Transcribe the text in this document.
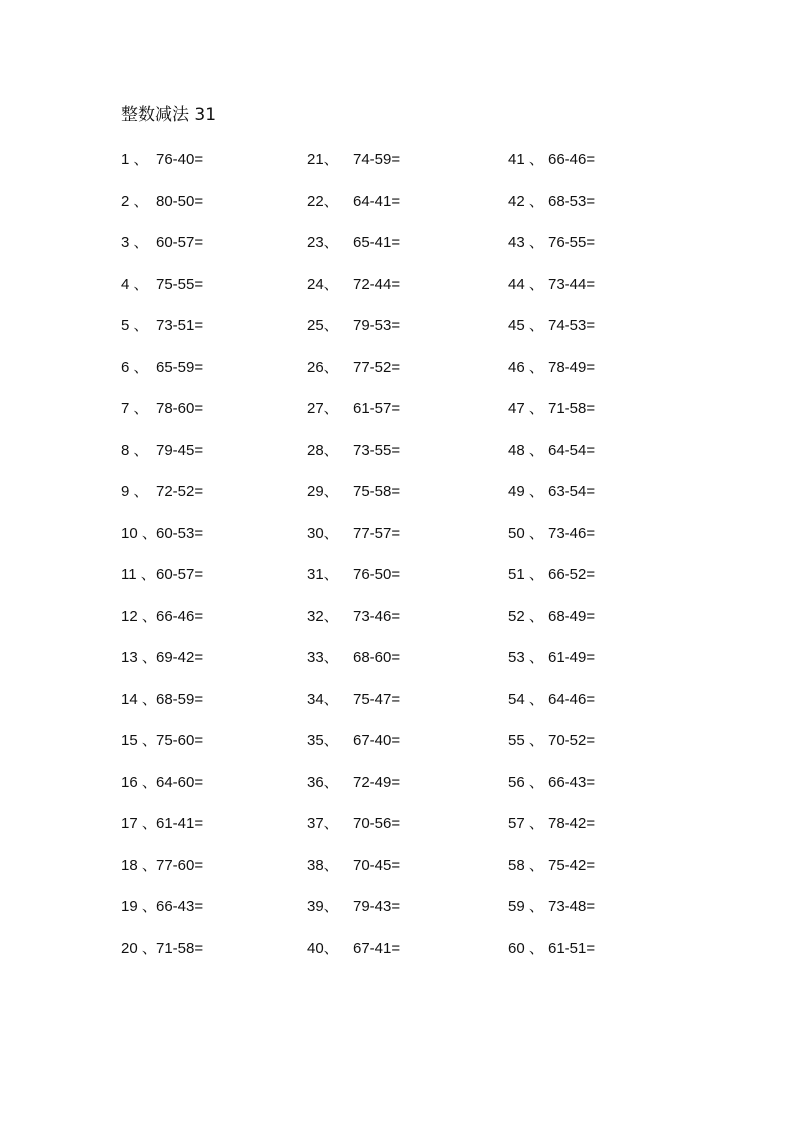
整数减法 31
1 、 76-40=
2 、 80-50=
3 、 60-57=
4 、 75-55=
5 、 73-51=
6 、 65-59=
7 、 78-60=
8 、 79-45=
9 、 72-52=
10 、60-53=
11 、60-57=
12 、66-46=
13 、69-42=
14 、68-59=
15 、75-60=
16 、64-60=
17 、61-41=
18 、77-60=
19 、66-43=
20 、71-58=
21、 74-59=
22、 64-41=
23、 65-41=
24、 72-44=
25、 79-53=
26、 77-52=
27、 61-57=
28、 73-55=
29、 75-58=
30、 77-57=
31、 76-50=
32、 73-46=
33、 68-60=
34、 75-47=
35、 67-40=
36、 72-49=
37、 70-56=
38、 70-45=
39、 79-43=
40、 67-41=
41 、 66-46=
42 、 68-53=
43 、 76-55=
44 、 73-44=
45 、 74-53=
46 、 78-49=
47 、 71-58=
48 、 64-54=
49 、 63-54=
50 、 73-46=
51 、 66-52=
52 、 68-49=
53 、 61-49=
54 、 64-46=
55 、 70-52=
56 、 66-43=
57 、 78-42=
58 、 75-42=
59 、 73-48=
60 、 61-51=
